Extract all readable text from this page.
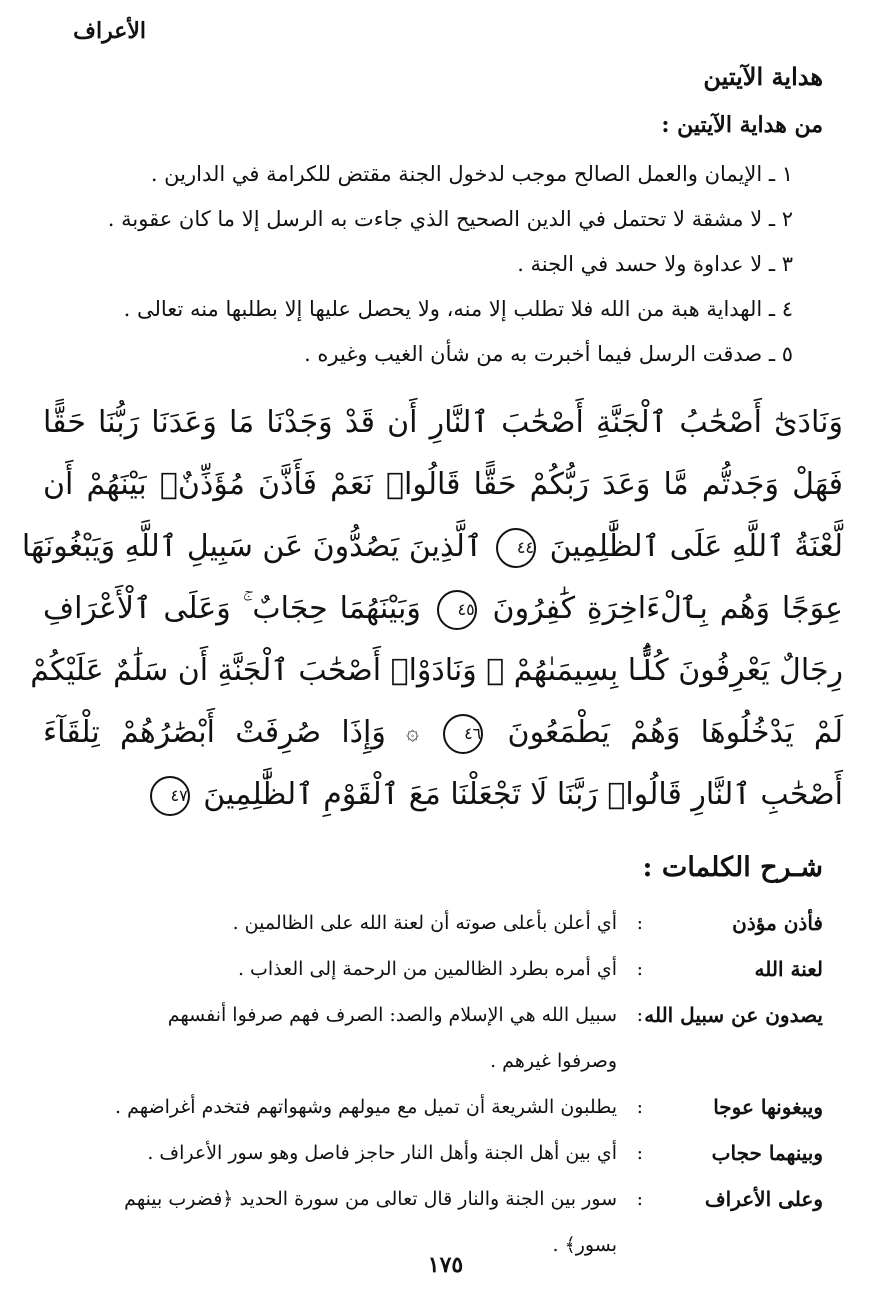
الأعراف
هداية الآيتين
من هداية الآيتين :
١ ـ الإيمان والعمل الصالح موجب لدخول الجنة مقتض للكرامة في الدارين .
٢ ـ لا مشقة لا تحتمل في الدين الصحيح الذي جاءت به الرسل إلا ما كان عقوبة .
٣ ـ لا عداوة ولا حسد في الجنة .
٤ ـ الهداية هبة من الله فلا تطلب إلا منه، ولا يحصل عليها إلا بطلبها منه تعالى .
٥ ـ صدقت الرسل فيما أخبرت به من شأن الغيب وغيره .
وَنَادَىٰٓ أَصْحَٰبُ ٱلْجَنَّةِ أَصْحَٰبَ ٱلنَّارِ أَن قَدْ وَجَدْنَا مَا وَعَدَنَا رَبُّنَا حَقًّا
فَهَلْ وَجَدتُّم مَّا وَعَدَ رَبُّكُمْ حَقًّا قَالُوا۟ نَعَمْ فَأَذَّنَ مُؤَذِّنٌۢ بَيْنَهُمْ أَن
لَّعْنَةُ ٱللَّهِ عَلَى ٱلظَّٰلِمِينَ ٤٤ ٱلَّذِينَ يَصُدُّونَ عَن سَبِيلِ ٱللَّهِ وَيَبْغُونَهَا
عِوَجًا وَهُم بِٱلْءَاخِرَةِ كَٰفِرُونَ ٤٥ وَبَيْنَهُمَا حِجَابٌ ۚ وَعَلَى ٱلْأَعْرَافِ
رِجَالٌ يَعْرِفُونَ كُلًّۢا بِسِيمَىٰهُمْ ۚ وَنَادَوْا۟ أَصْحَٰبَ ٱلْجَنَّةِ أَن سَلَٰمٌ عَلَيْكُمْ
لَمْ يَدْخُلُوهَا وَهُمْ يَطْمَعُونَ ٤٦ ۞ وَإِذَا صُرِفَتْ أَبْصَٰرُهُمْ تِلْقَآءَ
أَصْحَٰبِ ٱلنَّارِ قَالُوا۟ رَبَّنَا لَا تَجْعَلْنَا مَعَ ٱلْقَوْمِ ٱلظَّٰلِمِينَ ٤٧
شـرح الكلمات :
فأذن مؤذن
:
أي أعلن بأعلى صوته أن لعنة الله على الظالمين .
لعنة الله
:
أي أمره بطرد الظالمين من الرحمة إلى العذاب .
يصدون عن سبيل الله
:
سبيل الله هي الإسلام والصد: الصرف فهم صرفوا أنفسهم
وصرفوا غيرهم .
ويبغونها عوجا
:
يطلبون الشريعة أن تميل مع ميولهم وشهواتهم فتخدم أغراضهم .
وبينهما حجاب
:
أي بين أهل الجنة وأهل النار حاجز فاصل وهو سور الأعراف .
وعلى الأعراف
:
سور بين الجنة والنار قال تعالى من سورة الحديد ﴿فضرب بينهم
بسور﴾ .
١٧٥
